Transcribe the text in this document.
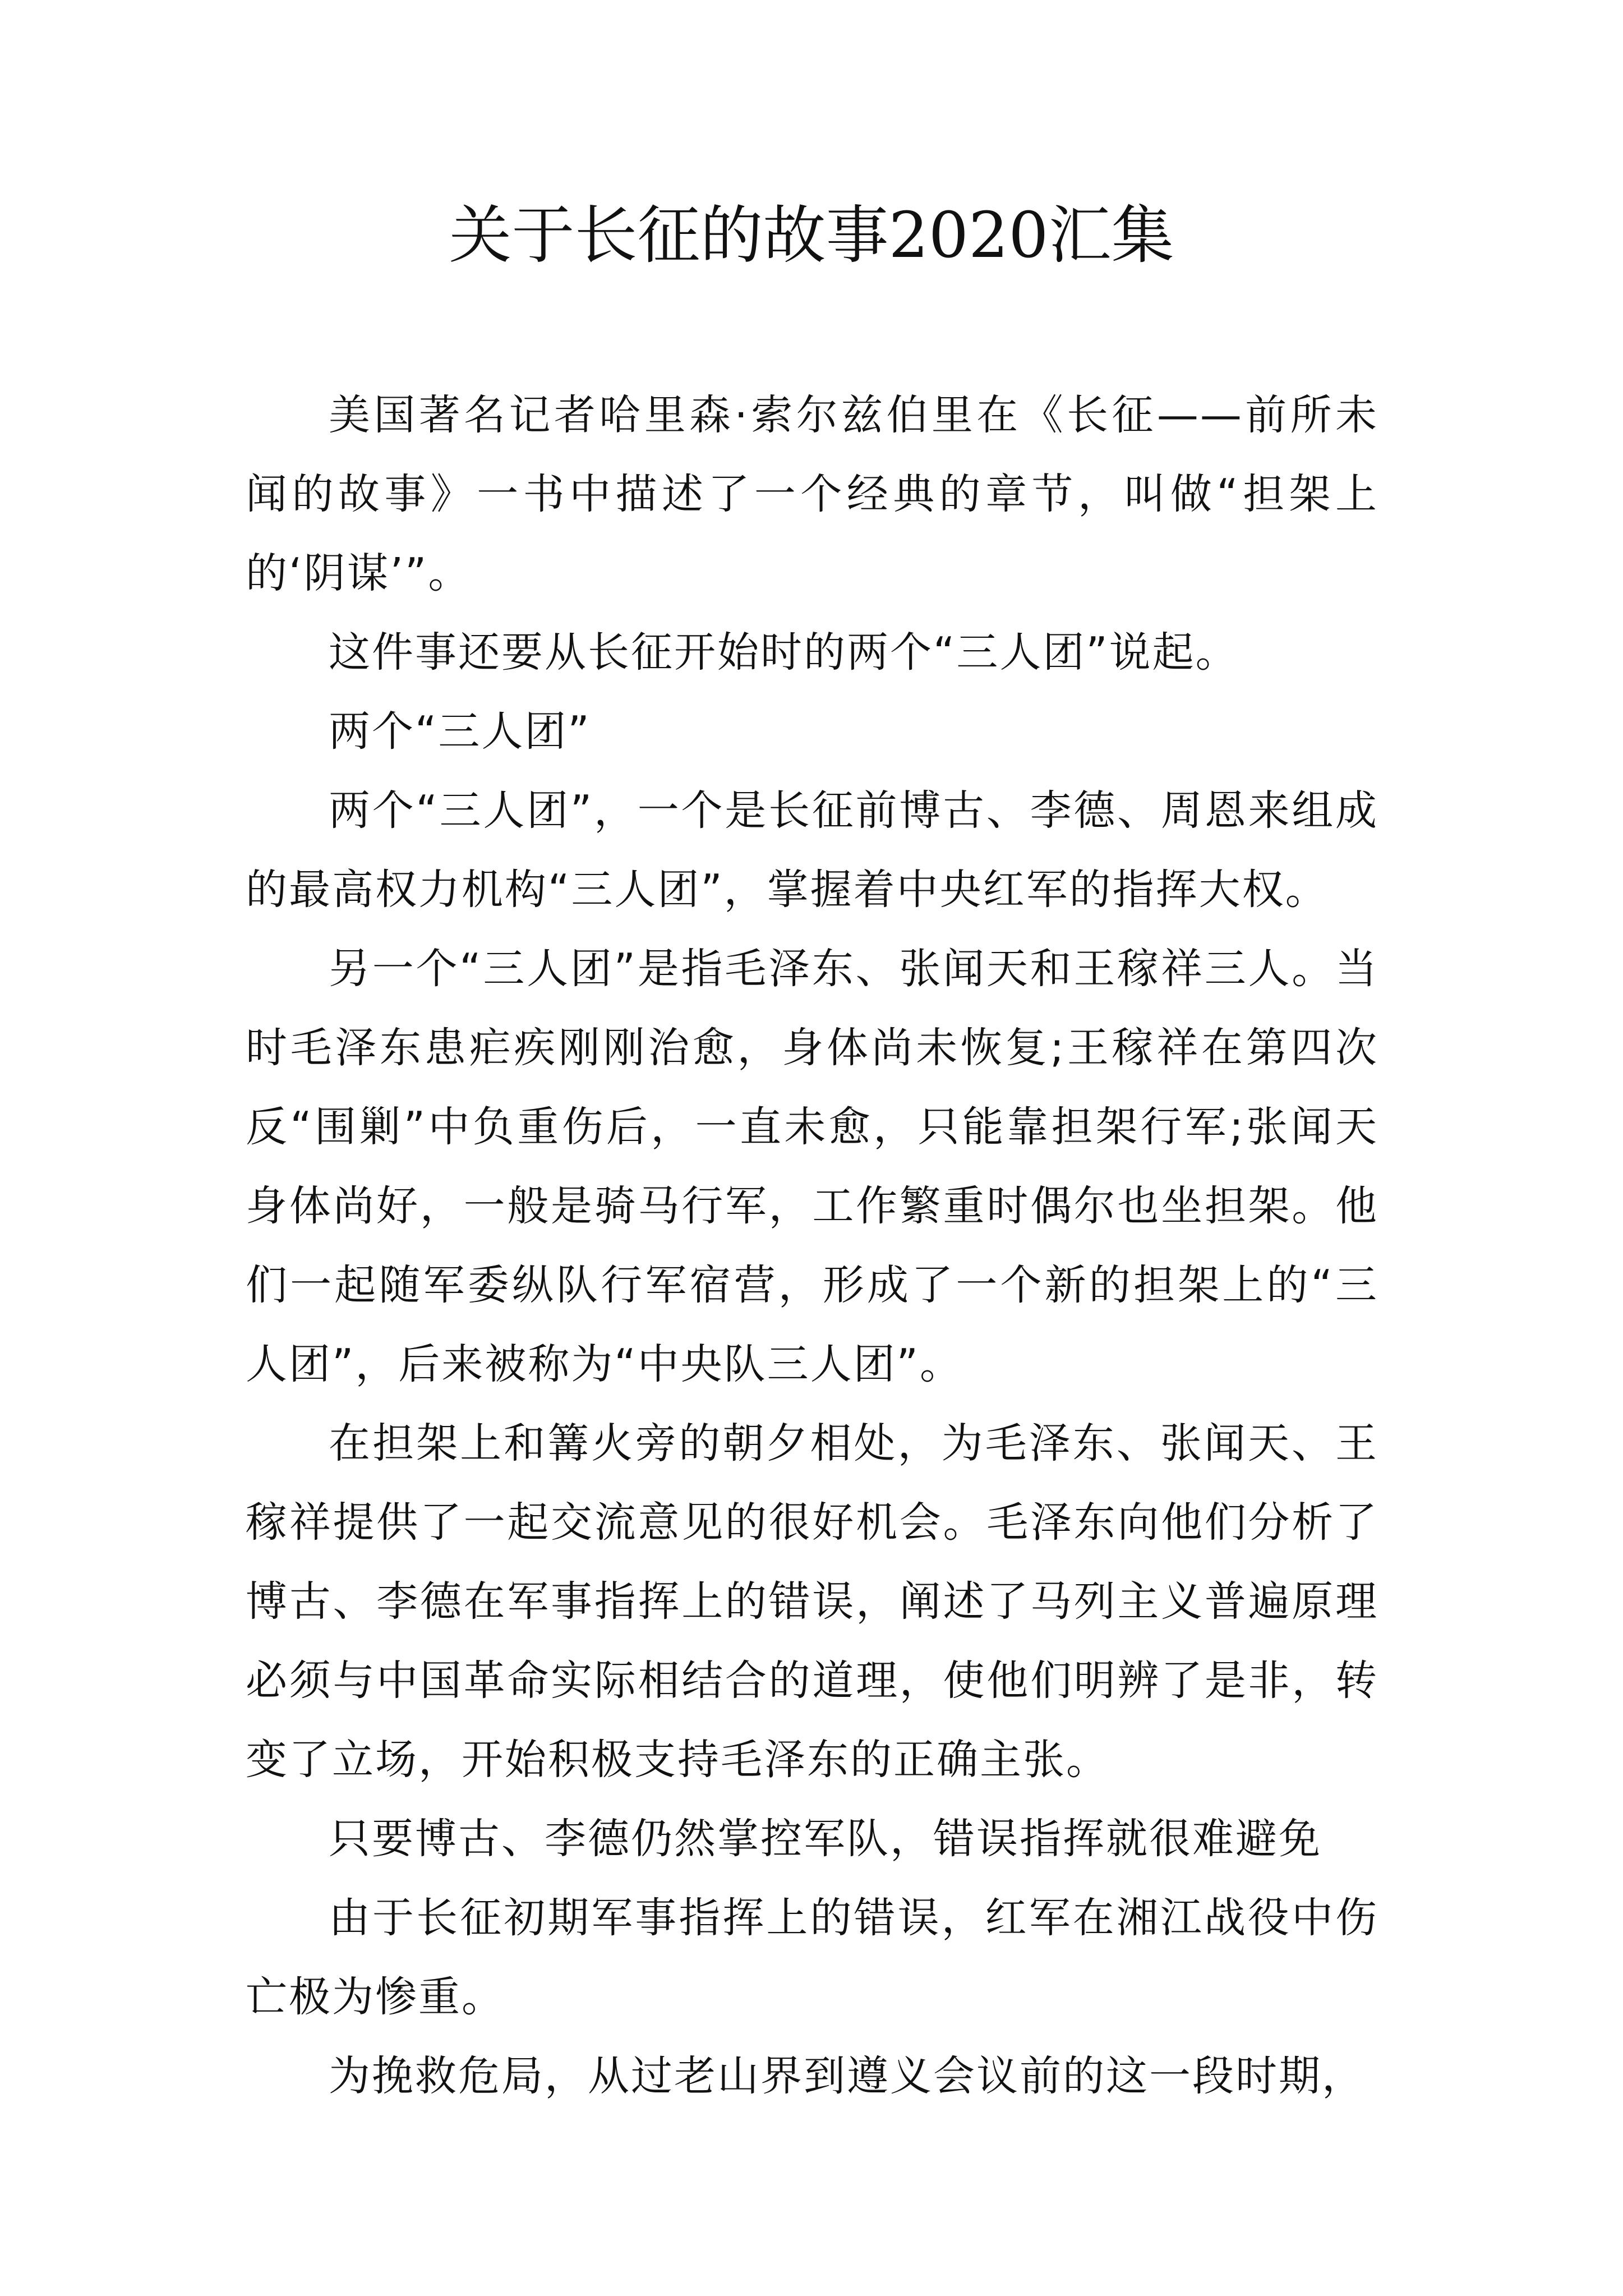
关于长征的故事2020汇集

美国著名记者哈里森·索尔兹伯里在《长征——前所未闻的故事》一书中描述了一个经典的章节，叫做“担架上的‘阴谋’”。

这件事还要从长征开始时的两个“三人团”说起。

两个“三人团”

两个“三人团”，一个是长征前博古、李德、周恩来组成的最高权力机构“三人团”，掌握着中央红军的指挥大权。

另一个“三人团”是指毛泽东、张闻天和王稼祥三人。当时毛泽东患疟疾刚刚治愈，身体尚未恢复;王稼祥在第四次反“围剿”中负重伤后，一直未愈，只能靠担架行军;张闻天身体尚好，一般是骑马行军，工作繁重时偶尔也坐担架。他们一起随军委纵队行军宿营，形成了一个新的担架上的“三人团”，后来被称为“中央队三人团”。

在担架上和篝火旁的朝夕相处，为毛泽东、张闻天、王稼祥提供了一起交流意见的很好机会。毛泽东向他们分析了博古、李德在军事指挥上的错误，阐述了马列主义普遍原理必须与中国革命实际相结合的道理，使他们明辨了是非，转变了立场，开始积极支持毛泽东的正确主张。

只要博古、李德仍然掌控军队，错误指挥就很难避免

由于长征初期军事指挥上的错误，红军在湘江战役中伤亡极为惨重。

为挽救危局，从过老山界到遵义会议前的这一段时期，
